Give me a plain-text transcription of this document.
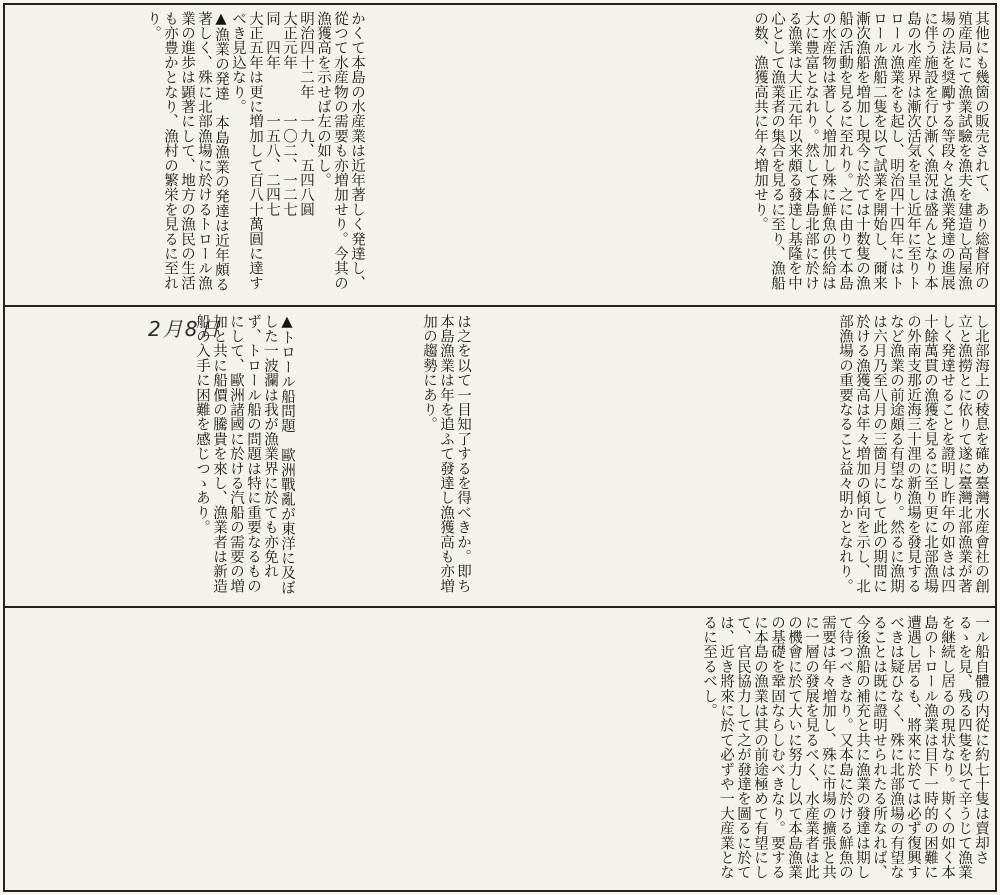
其他にも幾箇の販売されて、あり総督府の殖産局にて漁業試驗を漁夫を建造し高屋漁場の法を奨勵する等段々と漁業発達の進展に伴う施設を行ひ漸く漁況は盛んとなり本島の水産界は漸次活気を呈し近年に至りトロール漁業をも起し、明治四十四年にはトロール漁船二隻を以て試業を開始し、爾来漸次漁船を増加し現今に於ては十数隻の漁船の活動を見るに至れり。之に由りて本島の水産物は著しく増加し殊に鮮魚の供給は大に豊富となれり。然して本島北部に於ける漁業は大正元年以来頗る發達し基隆を中心として漁業者の集合を見るに至り、漁船の数、漁獲高共に年々増加せり。
かくて本島の水産業は近年著しく発達し、從つて水産物の需要も亦増加せり。今其の漁獲高を示せば左の如し。
明治四十二年　一九、五四八圓
大正元年　　　一〇二、一二七
同　四年　　　一五八、二四七
大正五年は更に増加して百八十萬圓に達すべき見込なり。
▲漁業の発達　本島漁業の発達は近年頗る著しく、殊に北部漁場に於けるトロール漁業の進歩は顕著にして、地方の漁民の生活も亦豊かとなり、漁村の繁栄を見るに至れり。
し北部海上の稜息を確め臺灣水産會社の創立と漁撈とに依りて遂に臺灣北部漁業が著しく発達せることを證明し昨年の如きは四十餘萬貫の漁獲を見るに至り更に北部漁場の外南支那近海三十浬の新漁場を發見するなど漁業の前途頗る有望なり。然るに漁期は六月乃至八月の三箇月にして此の期間に於ける漁獲高は年々増加の傾向を示し、北部漁場の重要なること益々明かとなれり。
は之を以て一目知了するを得べきか。即ち本島漁業は年を追ふて發達し漁獲高も亦増加の趨勢にあり。
▲トロール船問題　歐洲戰亂が東洋に及ぼした一波瀾は我が漁業界に於ても亦免れず、トロール船の問題は特に重要なるものにして、歐洲諸國に於ける汽船の需要の増加と共に船價の騰貴を來し、漁業者は新造船の入手に困難を感じつゝあり。
2月8日
一ル船自體の内從に約七十隻は賣却さるゝを見、残る四隻を以て辛うじて漁業を継続し居るの現状なり。斯くの如く本島のトロール漁業は目下一時的の困難に遭遇し居るも、將來に於ては必ず復興すべきは疑ひなく、殊に北部漁場の有望なることは既に證明せられたる所なれば、今後漁船の補充と共に漁業の發達は期して待つべきなり。又本島に於ける鮮魚の需要は年々増加し、殊に市場の擴張と共に一層の發展を見るべく、水産業者は此の機會に於て大いに努力し以て本島漁業の基礎を鞏固ならしむべきなり。要するに本島の漁業は其の前途極めて有望にして、官民協力して之が發達を圖るに於ては、近き將來に於て必ずや一大産業となるに至るべし。
